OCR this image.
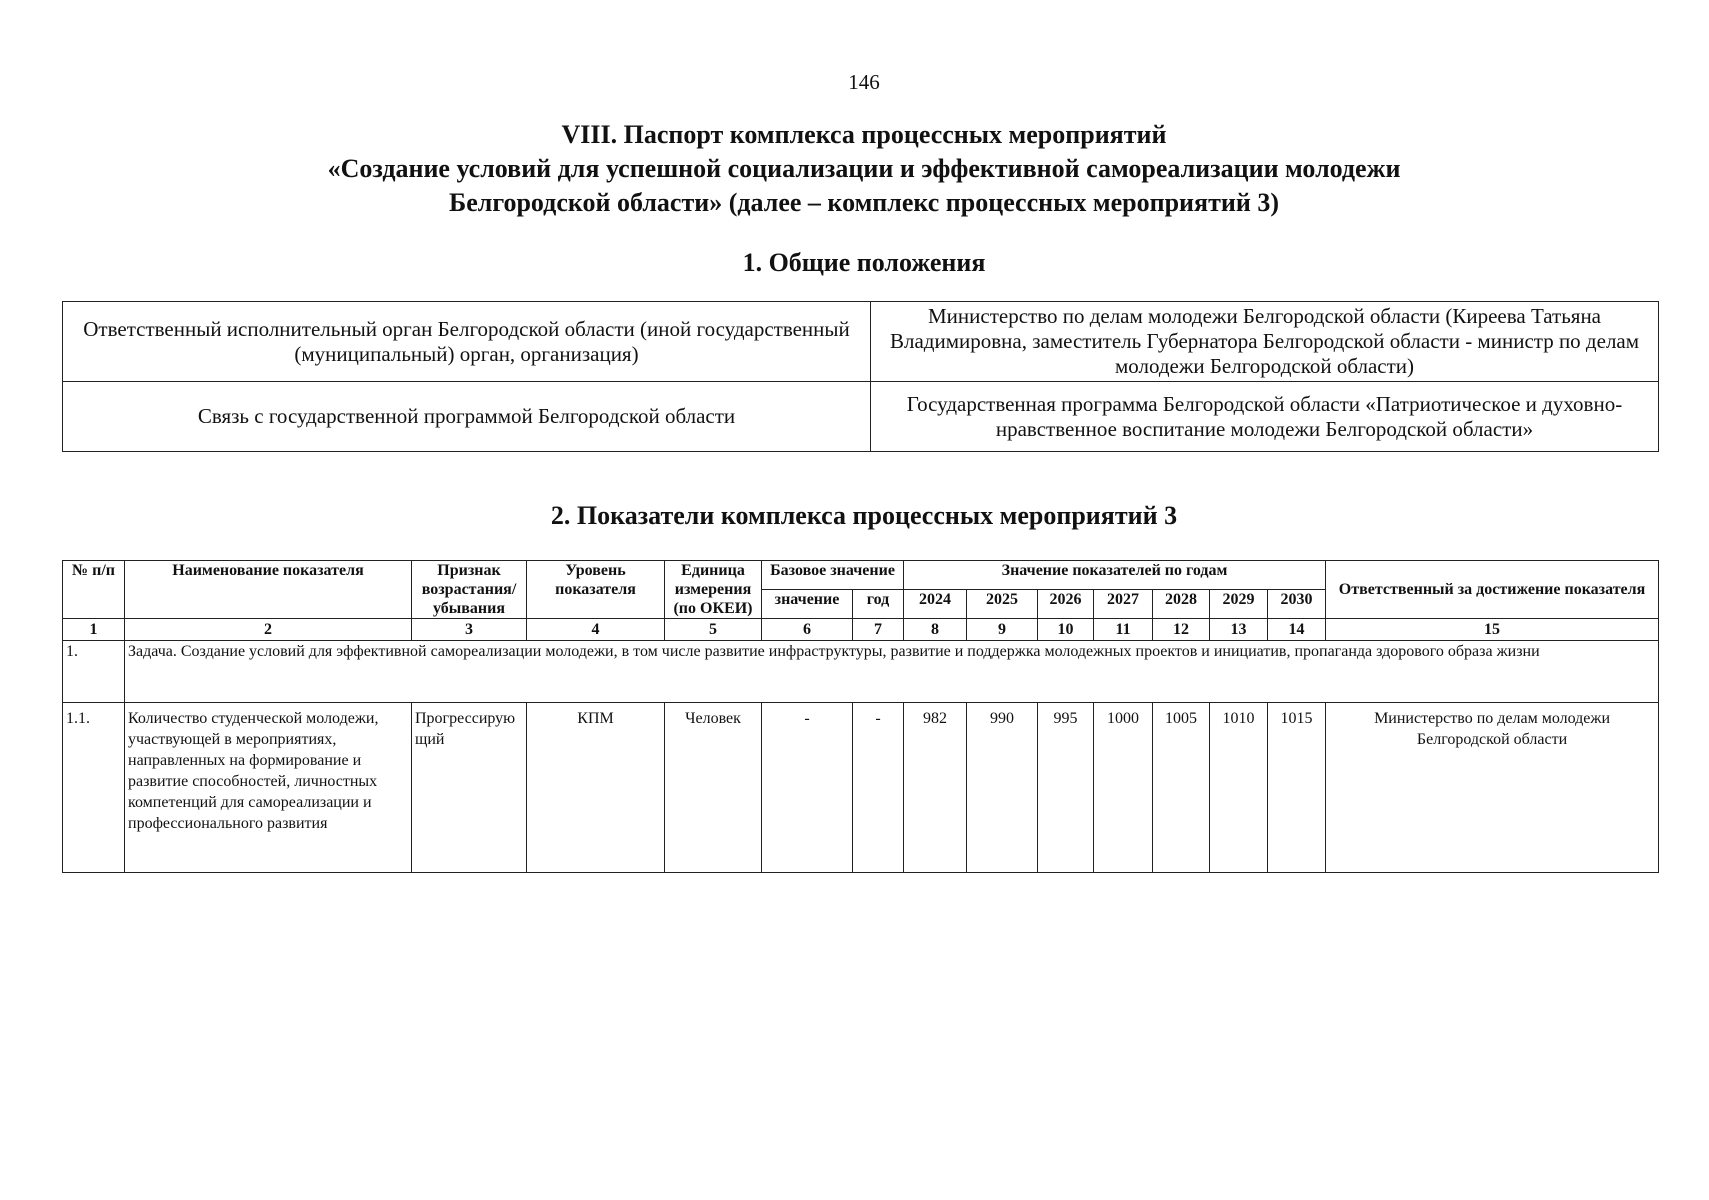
146
VIII. Паспорт комплекса процессных мероприятий
«Создание условий для успешной социализации и эффективной самореализации молодежи
Белгородской области» (далее – комплекс процессных мероприятий 3)
1. Общие положения
Ответственный исполнительный орган Белгородской области (иной государственный (муниципальный) орган, организация)	Министерство по делам молодежи Белгородской области (Киреева Татьяна Владимировна, заместитель Губернатора Белгородской области - министр по делам молодежи Белгородской области)
Связь с государственной программой Белгородской области	Государственная программа Белгородской области «Патриотическое и духовно-нравственное воспитание молодежи Белгородской области»
2. Показатели комплекса процессных мероприятий 3
№ п/п	Наименование показателя	Признак возрастания/ убывания	Уровень показателя	Единица измерения (по ОКЕИ)	Базовое значение		Значение показателей по годам							Ответственный за достижение показателя
					значение	год	2024	2025	2026	2027	2028	2029	2030	
1	2	3	4	5	6	7	8	9	10	11	12	13	14	15
1.	Задача. Создание условий для эффективной самореализации молодежи, в том числе развитие инфраструктуры, развитие и поддержка молодежных проектов и инициатив, пропаганда здорового образа жизни													
1.1.	Количество студенческой молодежи, участвующей в мероприятиях, направленных на формирование и развитие способностей, личностных компетенций для самореализации и профессионального развития	Прогрессирующий	КПМ	Человек	-	-	982	990	995	1000	1005	1010	1015	Министерство по делам молодежи Белгородской области
